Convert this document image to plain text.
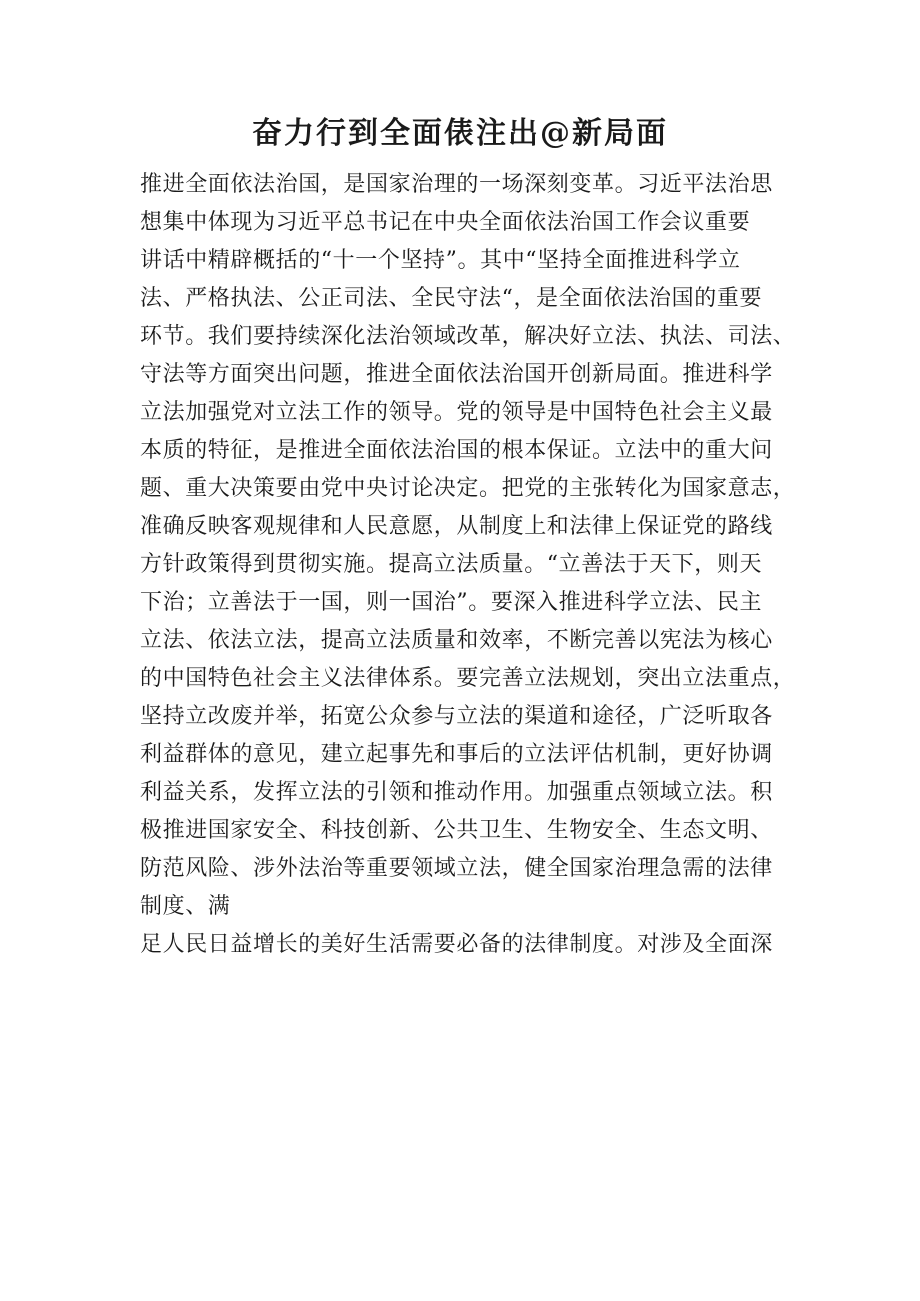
奋力行到全面俵注出@新局面
推进全面依法治国，是国家治理的一场深刻变革。习近平法治思
想集中体现为习近平总书记在中央全面依法治国工作会议重要
讲话中精辟概括的“十一个坚持”。其中“坚持全面推进科学立
法、严格执法、公正司法、全民守法“，是全面依法治国的重要
环节。我们要持续深化法治领域改革，解决好立法、执法、司法、
守法等方面突出问题，推进全面依法治国开创新局面。推进科学
立法加强党对立法工作的领导。党的领导是中国特色社会主义最
本质的特征，是推进全面依法治国的根本保证。立法中的重大问
题、重大决策要由党中央讨论决定。把党的主张转化为国家意志，
准确反映客观规律和人民意愿，从制度上和法律上保证党的路线
方针政策得到贯彻实施。提高立法质量。“立善法于天下，则天
下治；立善法于一国，则一国治”。要深入推进科学立法、民主
立法、依法立法，提高立法质量和效率，不断完善以宪法为核心
的中国特色社会主义法律体系。要完善立法规划，突出立法重点，
坚持立改废并举，拓宽公众参与立法的渠道和途径，广泛听取各
利益群体的意见，建立起事先和事后的立法评估机制，更好协调
利益关系，发挥立法的引领和推动作用。加强重点领域立法。积
极推进国家安全、科技创新、公共卫生、生物安全、生态文明、
防范风险、涉外法治等重要领域立法，健全国家治理急需的法律
制度、满
足人民日益增长的美好生活需要必备的法律制度。对涉及全面深
